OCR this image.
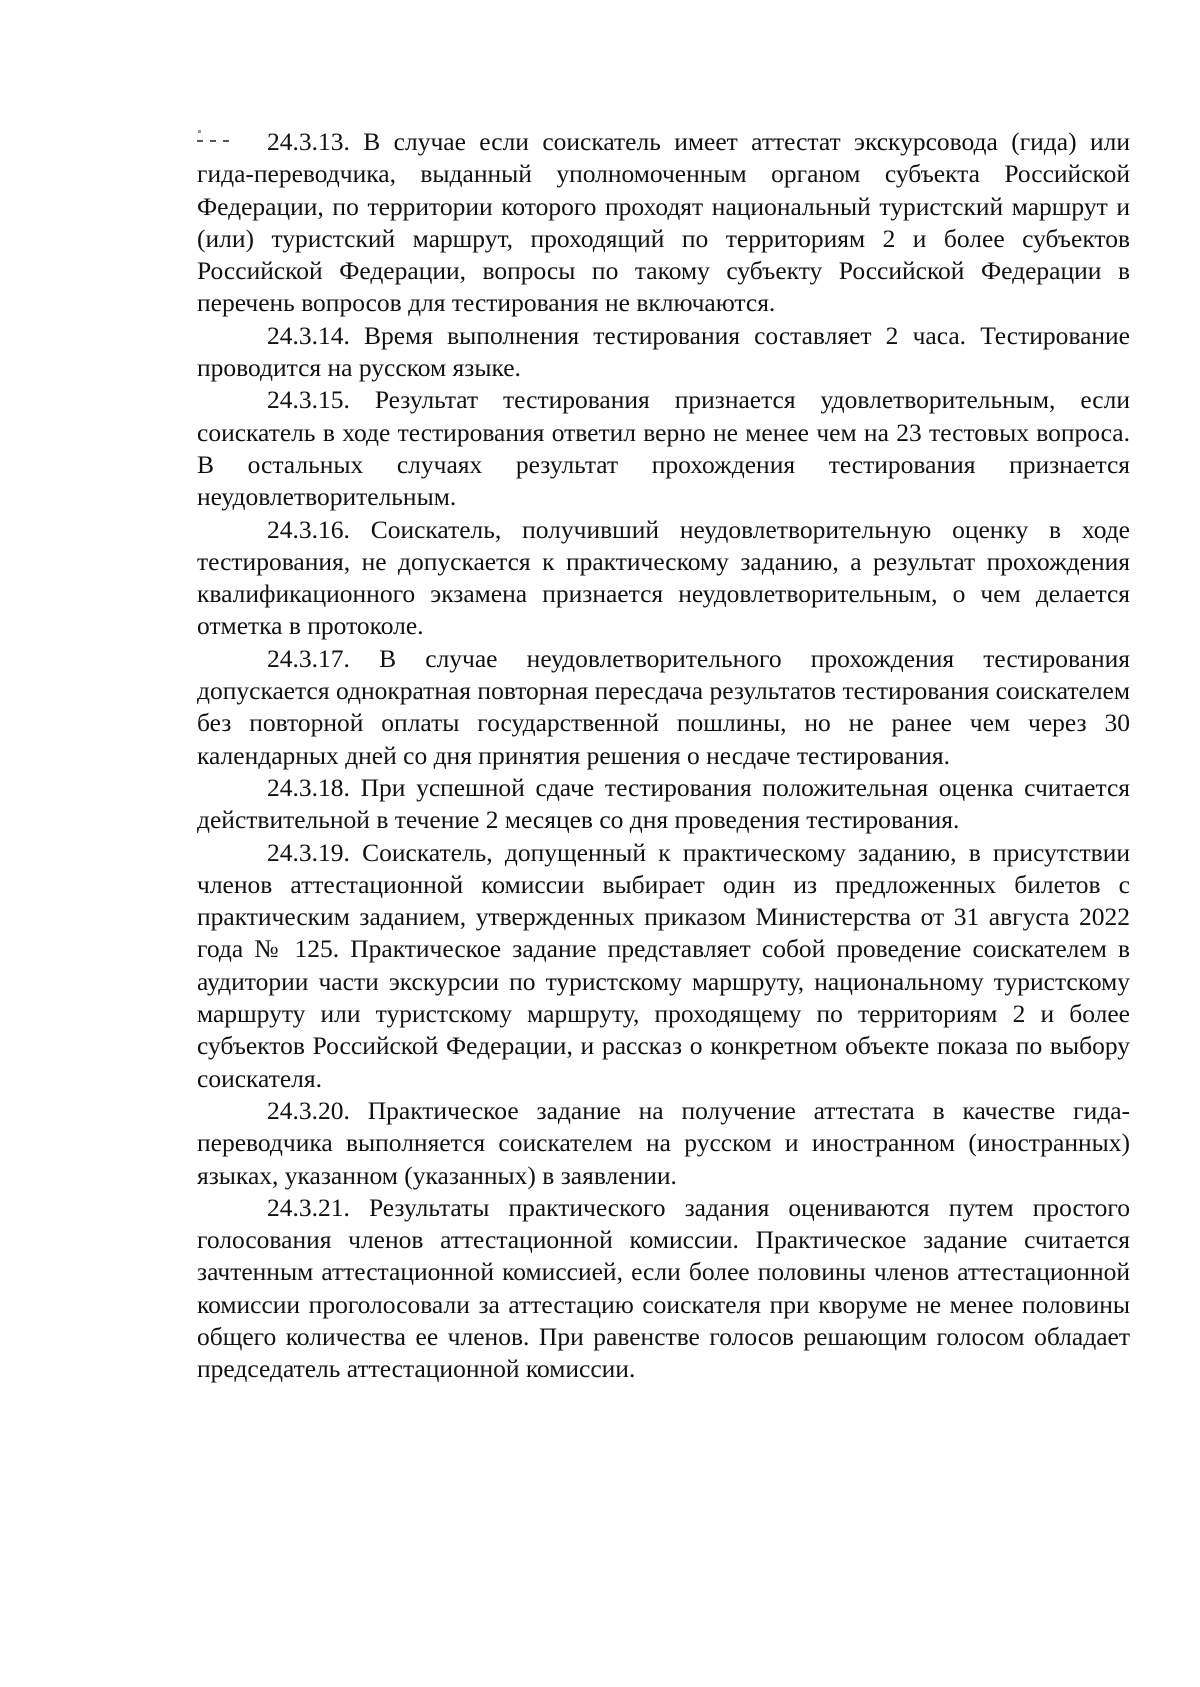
24.3.13. В случае если соискатель имеет аттестат экскурсовода (гида) или гида-переводчика, выданный уполномоченным органом субъекта Российской Федерации, по территории которого проходят национальный туристский маршрут и (или) туристский маршрут, проходящий по территориям 2 и более субъектов Российской Федерации, вопросы по такому субъекту Российской Федерации в перечень вопросов для тестирования не включаются.

24.3.14. Время выполнения тестирования составляет 2 часа. Тестирование проводится на русском языке.

24.3.15. Результат тестирования признается удовлетворительным, если соискатель в ходе тестирования ответил верно не менее чем на 23 тестовых вопроса. В остальных случаях результат прохождения тестирования признается неудовлетворительным.

24.3.16. Соискатель, получивший неудовлетворительную оценку в ходе тестирования, не допускается к практическому заданию, а результат прохождения квалификационного экзамена признается неудовлетворительным, о чем делается отметка в протоколе.

24.3.17. В случае неудовлетворительного прохождения тестирования допускается однократная повторная пересдача результатов тестирования соискателем без повторной оплаты государственной пошлины, но не ранее чем через 30 календарных дней со дня принятия решения о несдаче тестирования.

24.3.18. При успешной сдаче тестирования положительная оценка считается действительной в течение 2 месяцев со дня проведения тестирования.

24.3.19. Соискатель, допущенный к практическому заданию, в присутствии членов аттестационной комиссии выбирает один из предложенных билетов с практическим заданием, утвержденных приказом Министерства от 31 августа 2022 года № 125. Практическое задание представляет собой проведение соискателем в аудитории части экскурсии по туристскому маршруту, национальному туристскому маршруту или туристскому маршруту, проходящему по территориям 2 и более субъектов Российской Федерации, и рассказ о конкретном объекте показа по выбору соискателя.

24.3.20. Практическое задание на получение аттестата в качестве гида-переводчика выполняется соискателем на русском и иностранном (иностранных) языках, указанном (указанных) в заявлении.

24.3.21. Результаты практического задания оцениваются путем простого голосования членов аттестационной комиссии. Практическое задание считается зачтенным аттестационной комиссией, если более половины членов аттестационной комиссии проголосовали за аттестацию соискателя при кворуме не менее половины общего количества ее членов. При равенстве голосов решающим голосом обладает председатель аттестационной комиссии.
